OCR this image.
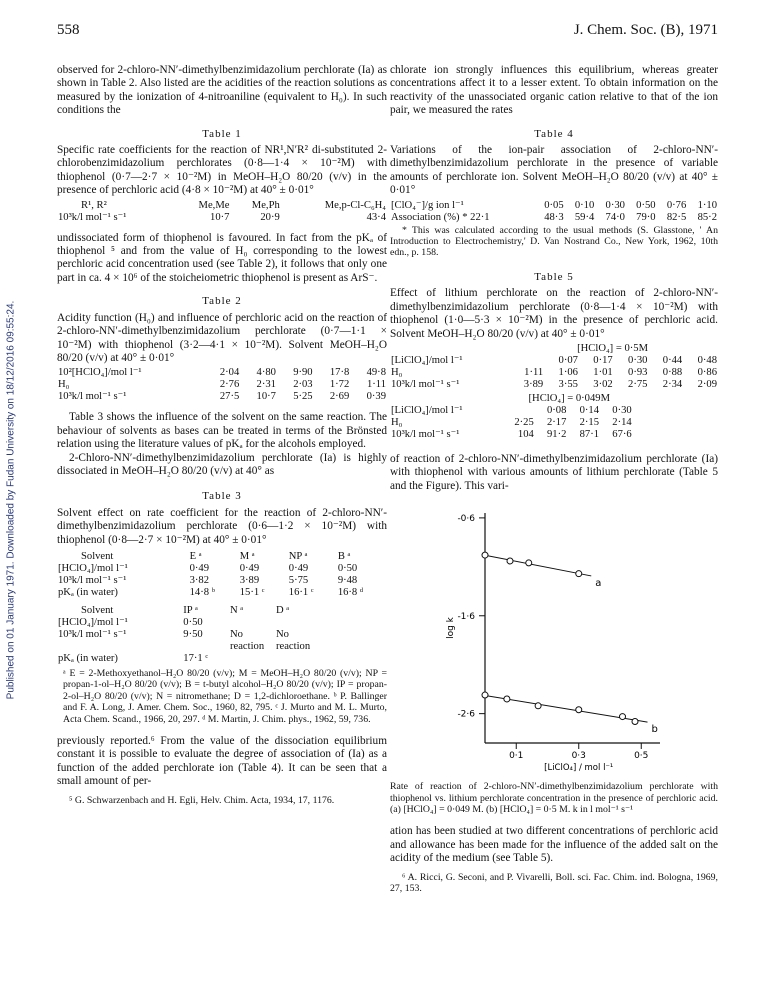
558	J. Chem. Soc. (B), 1971
Published on 01 January 1971. Downloaded by Fudan University on 18/12/2016 09:55:24.

observed for 2-chloro-NN′-dimethylbenzimidazolium perchlorate (Ia) as shown in Table 2. Also listed are the acidities of the reaction solutions as measured by the ionization of 4-nitroaniline (equivalent to H₀). In such conditions the

Table 1

Specific rate coefficients for the reaction of NR¹,N′R² di-substituted 2-chlorobenzimidazolium perchlorates (0·8—1·4 × 10⁻²M) with thiophenol (0·7—2·7 × 10⁻²M) in MeOH–H₂O 80/20 (v/v) in the presence of perchloric acid (4·8 × 10⁻²M) at 40° ± 0·01°

R¹, R²	Me,Me	Me,Ph	Me,p-Cl-C₆H₄
10³k/l mol⁻¹ s⁻¹	10·7	20·9	43·4

undissociated form of thiophenol is favoured. In fact from the pKₐ of thiophenol ⁵ and from the value of H₀ corresponding to the lowest perchloric acid concentration used (see Table 2), it follows that only one part in ca. 4 × 10⁶ of the stoicheiometric thiophenol is present as ArS⁻.

Table 2

Acidity function (H₀) and influence of perchloric acid on the reaction of 2-chloro-NN′-dimethylbenzimidazolium perchlorate (0·7—1·1 × 10⁻²M) with thiophenol (3·2—4·1 × 10⁻²M). Solvent MeOH–H₂O 80/20 (v/v) at 40° ± 0·01°

10²[HClO₄]/mol l⁻¹	2·04	4·80	9·90	17·8	49·8
H₀	2·76	2·31	2·03	1·72	1·11
10³k/l mol⁻¹ s⁻¹	27·5	10·7	5·25	2·69	0·39

Table 3 shows the influence of the solvent on the same reaction. The behaviour of solvents as bases can be treated in terms of the Brönsted relation using the literature values of pKₐ for the alcohols employed.

2-Chloro-NN′-dimethylbenzimidazolium perchlorate (Ia) is highly dissociated in MeOH–H₂O 80/20 (v/v) at 40° as

Table 3

Solvent effect on rate coefficient for the reaction of 2-chloro-NN′-dimethylbenzimidazolium perchlorate (0·6—1·2 × 10⁻²M) with thiophenol (0·8—2·7 × 10⁻²M) at 40° ± 0·01°

Solvent	E ᵃ	M ᵃ	NP ᵃ	B ᵃ
[HClO₄]/mol l⁻¹	0·49	0·49	0·49	0·50
10³k/l mol⁻¹ s⁻¹	3·82	3·89	5·75	9·48
pKₐ (in water)	14·8 ᵇ	15·1 ᶜ	16·1 ᶜ	16·8 ᵈ
Solvent	IP ᵃ	N ᵃ	D ᵃ
[HClO₄]/mol l⁻¹	0·50		
10³k/l mol⁻¹ s⁻¹	9·50	No reaction	No reaction
pKₐ (in water)	17·1 ᶜ		

ᵃ E = 2-Methoxyethanol–H₂O 80/20 (v/v); M = MeOH–H₂O 80/20 (v/v); NP = propan-1-ol–H₂O 80/20 (v/v); B = t-butyl alcohol–H₂O 80/20 (v/v); IP = propan-2-ol–H₂O 80/20 (v/v); N = nitromethane; D = 1,2-dichloroethane. ᵇ P. Ballinger and F. A. Long, J. Amer. Chem. Soc., 1960, 82, 795. ᶜ J. Murto and M. L. Murto, Acta Chem. Scand., 1966, 20, 297. ᵈ M. Martin, J. Chim. phys., 1962, 59, 736.

previously reported.⁶ From the value of the dissociation equilibrium constant it is possible to evaluate the degree of association of (Ia) as a function of the added perchlorate ion (Table 4). It can be seen that a small amount of per-

⁵ G. Schwarzenbach and H. Egli, Helv. Chim. Acta, 1934, 17, 1176.

chlorate ion strongly influences this equilibrium, whereas greater concentrations affect it to a lesser extent. To obtain information on the reactivity of the unassociated organic cation relative to that of the ion pair, we measured the rates

Table 4

Variations of the ion-pair association of 2-chloro-NN′-dimethylbenzimidazolium perchlorate in the presence of variable amounts of perchlorate ion. Solvent MeOH–H₂O 80/20 (v/v) at 40° ± 0·01°

[ClO₄⁻]/g ion l⁻¹	0·05	0·10	0·30	0·50	0·76	1·10
Association (%) * 22·1	48·3	59·4	74·0	79·0	82·5	85·2

* This was calculated according to the usual methods (S. Glasstone, ' An Introduction to Electrochemistry,' D. Van Nostrand Co., New York, 1962, 10th edn., p. 158.

Table 5

Effect of lithium perchlorate on the reaction of 2-chloro-NN′-dimethylbenzimidazolium perchlorate (0·8—1·4 × 10⁻²M) with thiophenol (1·0—5·3 × 10⁻²M) in the presence of perchloric acid. Solvent MeOH–H₂O 80/20 (v/v) at 40° ± 0·01°

[HClO₄] = 0·5M

[LiClO₄]/mol l⁻¹		0·07	0·17	0·30	0·44	0·48
H₀	1·11	1·06	1·01	0·93	0·88	0·86
10³k/l mol⁻¹ s⁻¹	3·89	3·55	3·02	2·75	2·34	2·09

[HClO₄] = 0·049M

[LiClO₄]/mol l⁻¹		0·08	0·14	0·30
H₀	2·25	2·17	2·15	2·14
10³k/l mol⁻¹ s⁻¹	104	91·2	87·1	67·6

of reaction of 2-chloro-NN′-dimethylbenzimidazolium perchlorate (Ia) with thiophenol with various amounts of lithium perchlorate (Table 5 and the Figure). This vari-

-0·6
-1·6
-2·6
0·1	0·3	0·5
log k
[LiClO₄] / mol l⁻¹
a
b

Rate of reaction of 2-chloro-NN′-dimethylbenzimidazolium perchlorate with thiophenol vs. lithium perchlorate concentration in the presence of perchloric acid. (a) [HClO₄] = 0·049 M. (b) [HClO₄] = 0·5 M. k in l mol⁻¹ s⁻¹

ation has been studied at two different concentrations of perchloric acid and allowance has been made for the influence of the added salt on the acidity of the medium (see Table 5).

⁶ A. Ricci, G. Seconi, and P. Vivarelli, Boll. sci. Fac. Chim. ind. Bologna, 1969, 27, 153.
